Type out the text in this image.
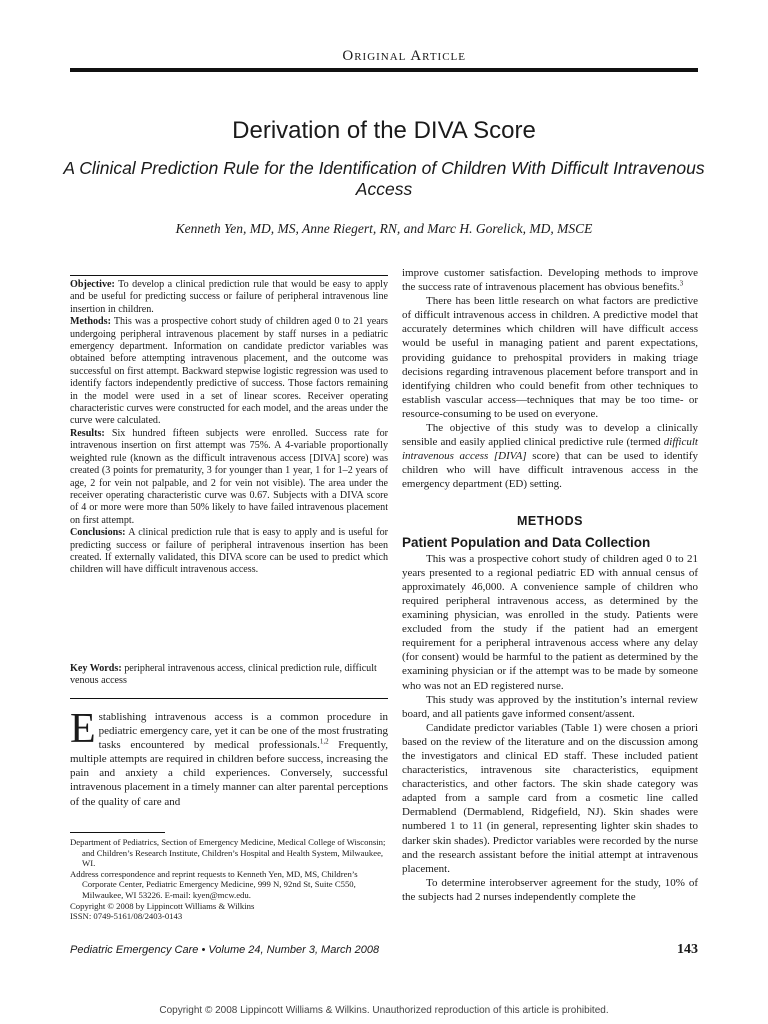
Original Article
Derivation of the DIVA Score
A Clinical Prediction Rule for the Identification of Children With Difficult Intravenous Access
Kenneth Yen, MD, MS, Anne Riegert, RN, and Marc H. Gorelick, MD, MSCE

Objective: To develop a clinical prediction rule that would be easy to apply and be useful for predicting success or failure of peripheral intravenous line insertion in children.

Methods: This was a prospective cohort study of children aged 0 to 21 years undergoing peripheral intravenous placement by staff nurses in a pediatric emergency department. Information on candidate predictor variables was obtained before attempting intravenous placement, and the outcome was successful on first attempt. Backward stepwise logistic regression was used to identify factors independently predictive of success. Those factors remaining in the model were used in a set of linear scores. Receiver operating characteristic curves were constructed for each model, and the areas under the curve were calculated.

Results: Six hundred fifteen subjects were enrolled. Success rate for intravenous insertion on first attempt was 75%. A 4-variable proportionally weighted rule (known as the difficult intravenous access [DIVA] score) was created (3 points for prematurity, 3 for younger than 1 year, 1 for 1–2 years of age, 2 for vein not palpable, and 2 for vein not visible). The area under the receiver operating characteristic curve was 0.67. Subjects with a DIVA score of 4 or more were more than 50% likely to have failed intravenous placement on first attempt.

Conclusions: A clinical prediction rule that is easy to apply and is useful for predicting success or failure of peripheral intravenous insertion has been created. If externally validated, this DIVA score can be used to predict which children will have difficult intravenous access.

Key Words: peripheral intravenous access, clinical prediction rule, difficult venous access

Establishing intravenous access is a common procedure in pediatric emergency care, yet it can be one of the most frustrating tasks encountered by medical professionals.$^{1,2}$ Frequently, multiple attempts are required in children before success, increasing the pain and anxiety a child experiences. Conversely, successful intravenous placement in a timely manner can alter parental perceptions of the quality of care and

Department of Pediatrics, Section of Emergency Medicine, Medical College of Wisconsin; and Children’s Research Institute, Children’s Hospital and Health System, Milwaukee, WI.

Address correspondence and reprint requests to Kenneth Yen, MD, MS, Children’s Corporate Center, Pediatric Emergency Medicine, 999 N, 92nd St, Suite C550, Milwaukee, WI 53226. E-mail: kyen@mcw.edu.

Copyright © 2008 by Lippincott Williams & Wilkins

ISSN: 0749-5161/08/2403-0143

improve customer satisfaction. Developing methods to improve the success rate of intravenous placement has obvious benefits.$^3$

There has been little research on what factors are predictive of difficult intravenous access in children. A predictive model that accurately determines which children will have difficult access would be useful in managing patient and parent expectations, providing guidance to prehospital providers in making triage decisions regarding intravenous placement before transport and in identifying children who could benefit from other techniques to establish vascular access—techniques that may be too time- or resource-consuming to be used on everyone.

The objective of this study was to develop a clinically sensible and easily applied clinical predictive rule (termed difficult intravenous access [DIVA] score) that can be used to identify children who will have difficult intravenous access in the emergency department (ED) setting.

METHODS
Patient Population and Data Collection

This was a prospective cohort study of children aged 0 to 21 years presented to a regional pediatric ED with annual census of approximately 46,000. A convenience sample of children who required peripheral intravenous access, as determined by the examining physician, was enrolled in the study. Patients were excluded from the study if the patient had an emergent requirement for a peripheral intravenous access where any delay (for consent) would be harmful to the patient as determined by the examining physician or if the attempt was to be made by someone who was not an ED registered nurse.

This study was approved by the institution’s internal review board, and all patients gave informed consent/assent.

Candidate predictor variables (Table 1) were chosen a priori based on the review of the literature and on the discussion among the investigators and clinical ED staff. These included patient characteristics, intravenous site characteristics, equipment characteristics, and other factors. The skin shade category was adapted from a sample card from a cosmetic line called Dermablend (Dermablend, Ridgefield, NJ). Skin shades were numbered 1 to 11 (in general, representing lighter skin shades to darker skin shades). Predictor variables were recorded by the nurse and the research assistant before the initial attempt at intravenous placement.

To determine interobserver agreement for the study, 10% of the subjects had 2 nurses independently complete the

Pediatric Emergency Care • Volume 24, Number 3, March 2008	143
Copyright © 2008 Lippincott Williams & Wilkins. Unauthorized reproduction of this article is prohibited.
